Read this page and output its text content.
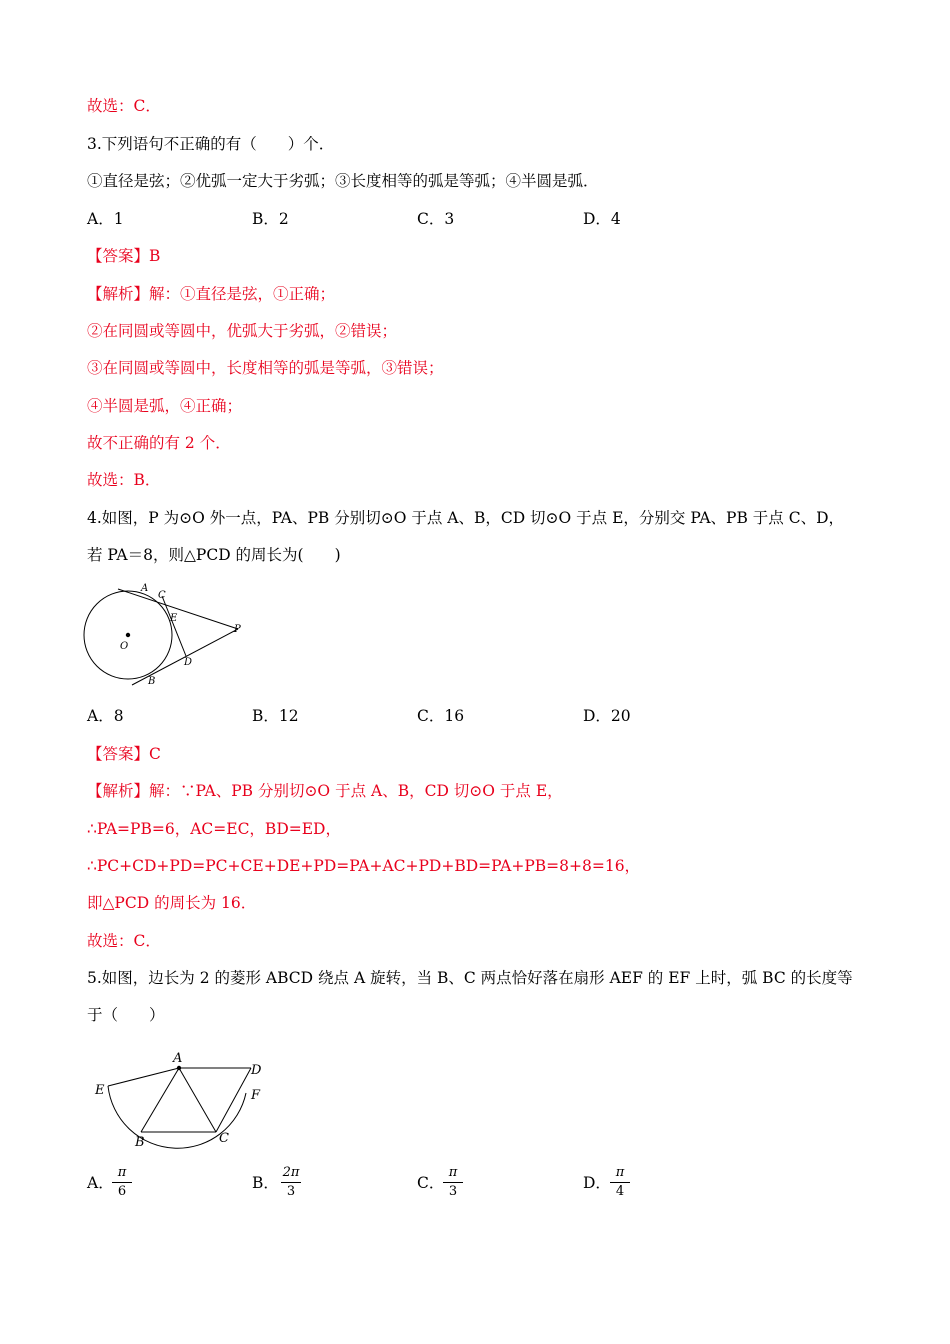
故选：C．
3.下列语句不正确的有（　　）个．
①直径是弦；②优弧一定大于劣弧；③长度相等的弧是等弧；④半圆是弧．
A．1	B．2	C．3	D．4
【答案】B
【解析】解：①直径是弦，①正确；
②在同圆或等圆中，优弧大于劣弧，②错误；
③在同圆或等圆中，长度相等的弧是等弧，③错误；
④半圆是弧，④正确；
故不正确的有 2 个．
故选：B．
4.如图，P 为⊙O 外一点，PA、PB 分别切⊙O 于点 A、B，CD 切⊙O 于点 E，分别交 PA、PB 于点 C、D，
若 PA＝8，则△PCD 的周长为(　　)
A
C
E
P
O
D
B
A．8	B．12	C．16	D．20
【答案】C
【解析】解：∵PA、PB 分别切⊙O 于点 A、B，CD 切⊙O 于点 E，
∴PA=PB=6，AC=EC，BD=ED，
∴PC+CD+PD=PC+CE+DE+PD=PA+AC+PD+BD=PA+PB=8+8=16，
即△PCD 的周长为 16．
故选：C．
5.如图，边长为 2 的菱形 ABCD 绕点 A 旋转，当 B、C 两点恰好落在扇形 AEF 的 EF 上时，弧 BC 的长度等
于（　　）
A
D
E	F
B	C
A．
π
6	B．
2π
3	C．
π
3	D．
π
4
